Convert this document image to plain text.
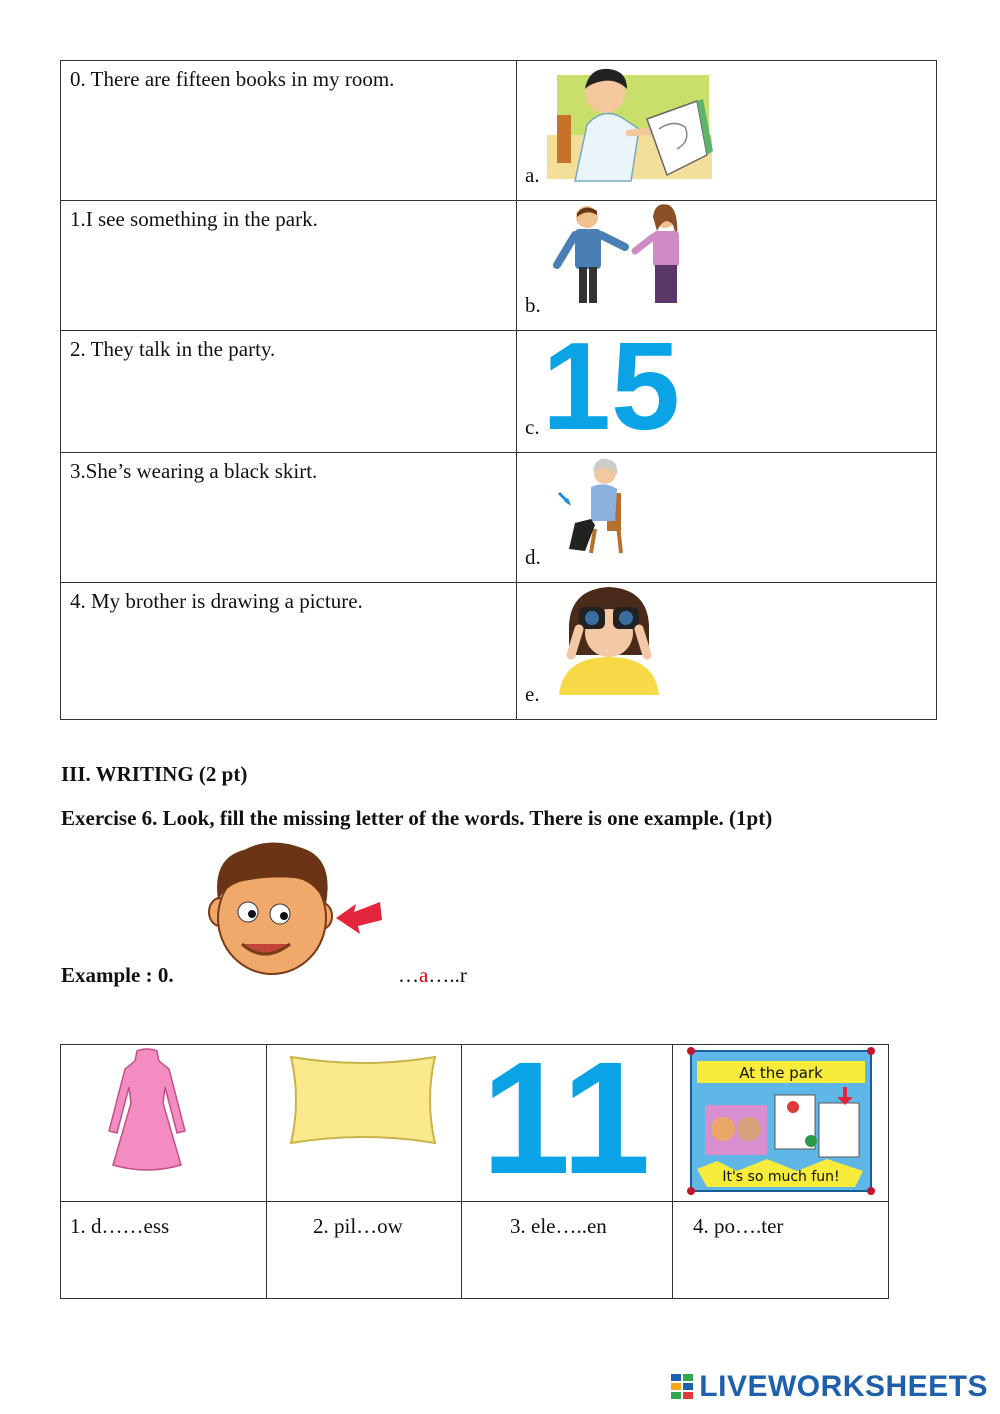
0. There are fifteen books in my room.	a.

1.I see something in the park.	b.

2. They talk in the party.	c. 15

3.She’s wearing a black skirt.	d.

4. My brother is drawing a picture.	e.
III. WRITING (2 pt)

Exercise 6. Look, fill the missing letter of the words. There is one example. (1pt)

Example : 0.	…a…..r

11	At the park
It's so much fun!

1. d……ess	2. pil…ow	3. ele…..en	4. po….ter
LIVEWORKSHEETS
